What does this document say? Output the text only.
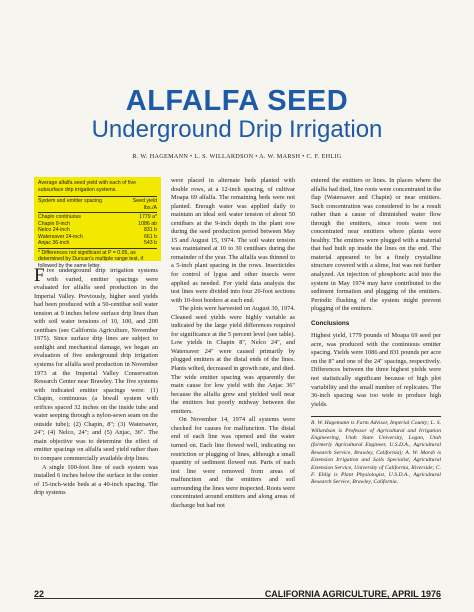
ALFALFA SEED
Underground Drip Irrigation
R. W. HAGEMANN • L. S. WILLARDSON • A. W. MARSH • C. F. EHLIG
Average alfalfa seed yield with each of five subsurface drip irrigation systems.
System and emitter spacing	Seed yield
lbs./A
Chapin continuous	1779 a*
Chapin 8-inch	1086 ab
Nelco 24-inch	831 b
Watersaver 24-inch	661 b
Anjac 36-inch	543 b
* Differences not significant at P = 0.05, as determined by Duncan's multiple range test, if followed by the same letter.

Five underground drip irrigation systems with varied, emitter spacings were evaluated for alfalfa seed production in the Imperial Valley. Previously, higher seed yields had been produced with a 50-centibar soil water tension at 9 inches below surface drip lines than with soil water tensions of 10, 100, and 200 centibars (see California Agriculture, November 1975). Since surface drip lines are subject to sunlight and mechanical damage, we began an evaluation of five underground drip irrigation systems for alfalfa seed production in November 1973 at the Imperial Valley Conservation Research Center near Brawley. The five systems with indicated emitter spacings were: (1) Chapin, continuous (a biwall system with orifices spaced 32 inches on the inside tube and water seeping through a nylon-sewn seam on the outside tube); (2) Chapin, 8"; (3) Watersaver, 24"; (4) Nelco, 24"; and (5) Anjac, 36". The main objective was to determine the effect of emitter spacings on alfalfa seed yield rather than to compare commercially available drip lines.

A single 100-foot line of each system was installed 6 inches below the surface in the center of 15-inch-wide beds at a 40-inch spacing. The drip systems

were placed in alternate beds planted with double rows, at a 12-inch spacing, of cultivar Moapa 69 alfalfa. The remaining beds were not planted. Enough water was applied daily to maintain an ideal soil water tension of about 50 centibars at the 9-inch depth in the plant row during the seed production period between May 15 and August 15, 1974. The soil water tension was maintained at 10 to 30 centibars during the remainder of the year. The alfalfa was thinned to a 5-inch plant spacing in the rows. Insecticides for control of lygus and other insects were applied as needed. For yield data analysis the test lines were divided into four 20-foot sections with 10-foot borders at each end.

The plots were harvested on August 30, 1974. Cleaned seed yields were highly variable as indicated by the large yield differences required for significance at the 5 percent level (see table). Low yields in Chapin 8", Nelco 24", and Watersaver 24" were caused primarily by plugged emitters at the distal ends of the lines. Plants wilted, decreased in growth rate, and died. The wide emitter spacing was apparently the main cause for low yield with the Anjac 36" because the alfalfa grew and yielded well near the emitters but poorly midway between the emitters.

On November 14, 1974 all systems were checked for causes for malfunction. The distal end of each line was opened and the water turned on. Each line flowed well, indicating no restriction or plugging of lines, although a small quantity of sediment flowed out. Parts of each test line were removed from areas of malfunction and the emitters and soil surrounding the lines were inspected. Roots were concentrated around emitters and along areas of discharge but had not

entered the emitters or lines. In places where the alfalfa had died, fine roots were concentrated in the flap (Watersaver and Chapin) or near emitters. Such concentration was considered to be a result rather than a cause of diminished water flow through the emitters, since roots were not concentrated near emitters where plants were healthy. The emitters were plugged with a material that had built up inside the lines on the end. The material appeared to be a finely crystalline structure covered with a slime, but was not further analyzed. An injection of phosphoric acid into the system in May 1974 may have contributed to the sediment formation and plugging of the emitters. Periodic flushing of the system might prevent plugging of the emitters.

Conclusions

Highest yield, 1779 pounds of Moapa 69 seed per acre, was produced with the continuous emitter spacing. Yields were 1086 and 831 pounds per acre on the 8" and one of the 24" spacings, respectively. Differences between the three highest yields were not statistically significant because of high plot variability and the small number of replicates. The 36-inch spacing was too wide to produce high yields.

R. W. Hagemann is Farm Advisor, Imperial County; L. S. Willardson is Professor of Agricultural and Irrigation Engineering, Utah State University, Logan, Utah (formerly Agricultural Engineer, U.S.D.A., Agricultural Research Service, Brawley, California); A. W. Marsh is Extension Irrigation and Soils Specialist, Agricultural Extension Service, University of California, Riverside; C. F. Ehlig is Plant Physiologist, U.S.D.A., Agricultural Research Service, Brawley, California.
22	CALIFORNIA AGRICULTURE, APRIL 1976
